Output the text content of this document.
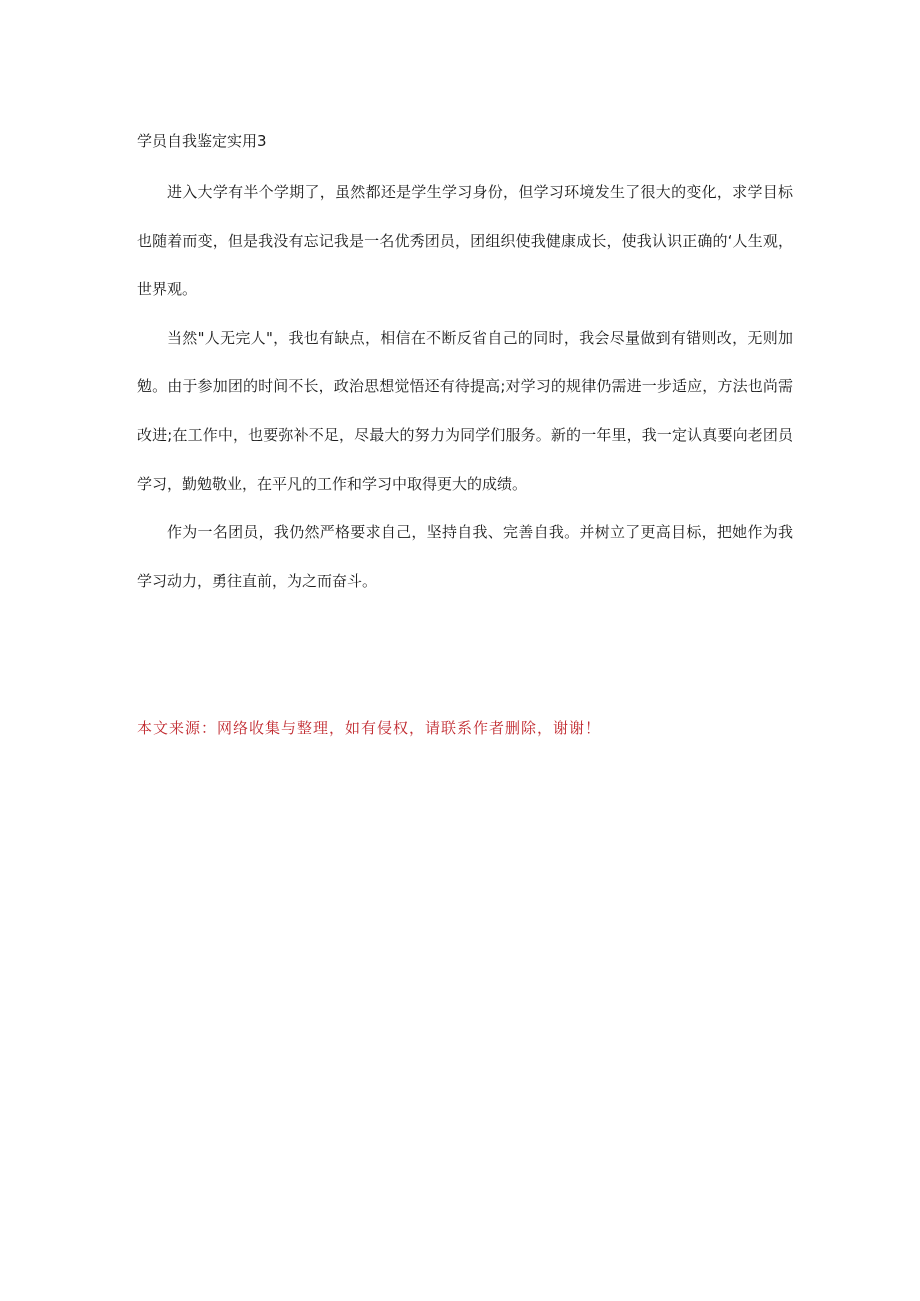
学员自我鉴定实用3

进入大学有半个学期了，虽然都还是学生学习身份，但学习环境发生了很大的变化，求学目标也随着而变，但是我没有忘记我是一名优秀团员，团组织使我健康成长，使我认识正确的‘人生观，世界观。

当然"人无完人"，我也有缺点，相信在不断反省自己的同时，我会尽量做到有错则改，无则加勉。由于参加团的时间不长，政治思想觉悟还有待提高;对学习的规律仍需进一步适应，方法也尚需改进;在工作中，也要弥补不足，尽最大的努力为同学们服务。新的一年里，我一定认真要向老团员学习，勤勉敬业，在平凡的工作和学习中取得更大的成绩。

作为一名团员，我仍然严格要求自己，坚持自我、完善自我。并树立了更高目标，把她作为我学习动力，勇往直前，为之而奋斗。

本文来源：网络收集与整理，如有侵权，请联系作者删除，谢谢！
